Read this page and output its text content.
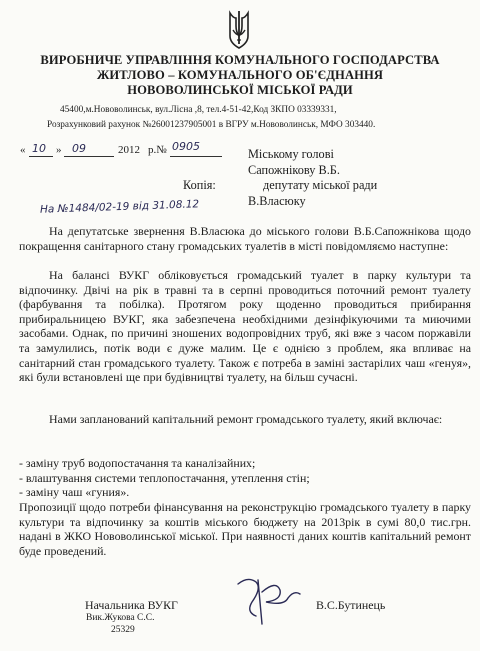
ВИРОБНИЧЕ УПРАВЛІННЯ КОМУНАЛЬНОГО ГОСПОДАРСТВА
ЖИТЛОВО – КОМУНАЛЬНОГО ОБ'ЄДНАННЯ
НОВОВОЛИНСЬКОЇ МІСЬКОЇ РАДИ
45400,м.Нововолинськ, вул.Лісна ,8, тел.4-51-42,Код ЗКПО 03339331,
Розрахунковий рахунок №26001237905001 в ВГРУ м.Нововолинськ, МФО 303440.
« 10 » 09	2012 р.№ 0905
Міському голові
Сапожнікову В.Б.
Копія:	депутату міської ради
В.Власюку
На №1484/02-19 від 31.08.12
На депутатське звернення В.Власюка до міського голови В.Б.Сапожнікова щодо покращення санітарного стану громадських туалетів в місті повідомляємо наступне:
На балансі ВУКГ обліковується громадський туалет в парку культури та відпочинку. Двічі на рік в травні та в серпні проводиться поточний ремонт туалету (фарбування та побілка). Протягом року щоденно проводиться прибирання прибиральницею ВУКГ, яка забезпечена необхідними дезінфікуючими та миючими засобами. Однак, по причині зношених водопровідних труб, які вже з часом поржавіли та замулились, потік води є дуже малим. Це є однією з проблем, яка впливає на санітарний стан громадського туалету. Також є потреба в заміні застарілих чаш «генуя», які були встановлені ще при будівництві туалету, на більш сучасні.
Нами запланований капітальний ремонт громадського туалету, який включає:
- заміну труб водопостачання та каналізайних;
- влаштування системи теплопостачання, утеплення стін;
- заміну чаш «гуния».
Пропозиції щодо потреби фінансування на реконструкцію громадського туалету в парку культури та відпочинку за коштів міського бюджету на 2013рік в сумі 80,0 тис.грн. надані в ЖКО Нововолинської міської. При наявності даних коштів капітальний ремонт буде проведений.
Начальника ВУКГ	В.С.Бутинець
Вик.Жукова С.С.
25329
